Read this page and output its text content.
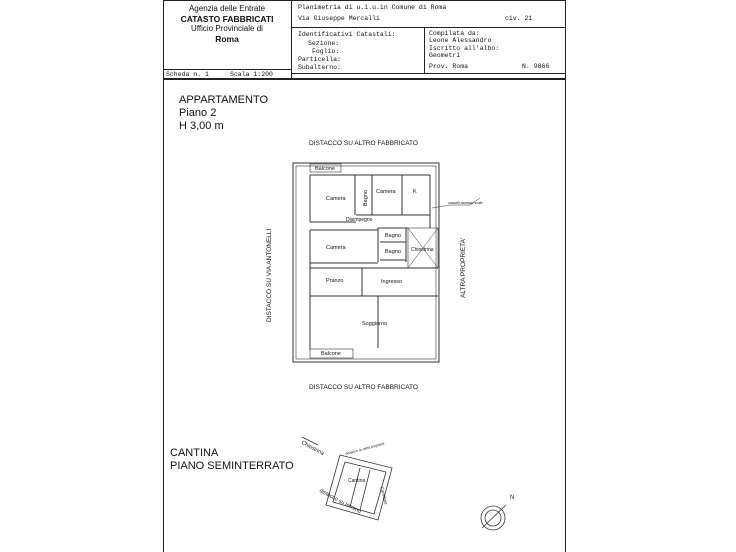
Agenzia delle Entrate
CATASTO FABBRICATI
Ufficio Provinciale di
Roma
Planimetria di u.i.u.in Comune di Roma
Via Giuseppe Mercalli	civ. 21
Identificativi Catastali:
Sezione:
Foglio:
Particella:
Subalterno:
Compilata da:
Leone Alessandro
Iscritto all'albo:
Geometri
Prov. Roma	N. 9866
Scheda n. 1	Scala 1:200
APPARTAMENTO
Piano 2
H 3,00 m
DISTACCO SU ALTRO FABBRICATO
DISTACCO SU ALTRO FABBRICATO
DISTACCO SU VIA ANTONELLI	ALTRA PROPRIETA'
Balcone
Camera	Bagno Camera	K
Disimpegno
Camera
Bagno
Bagno Chiostrina
Pranzo	Ingresso
Soggiorno
Balcone
cancelli accesso scale
CANTINA
PIANO SEMINTERRATO
Chiostrina
Cantina
Corridoio
distacco su terreno
distacco su altra proprietà
N
